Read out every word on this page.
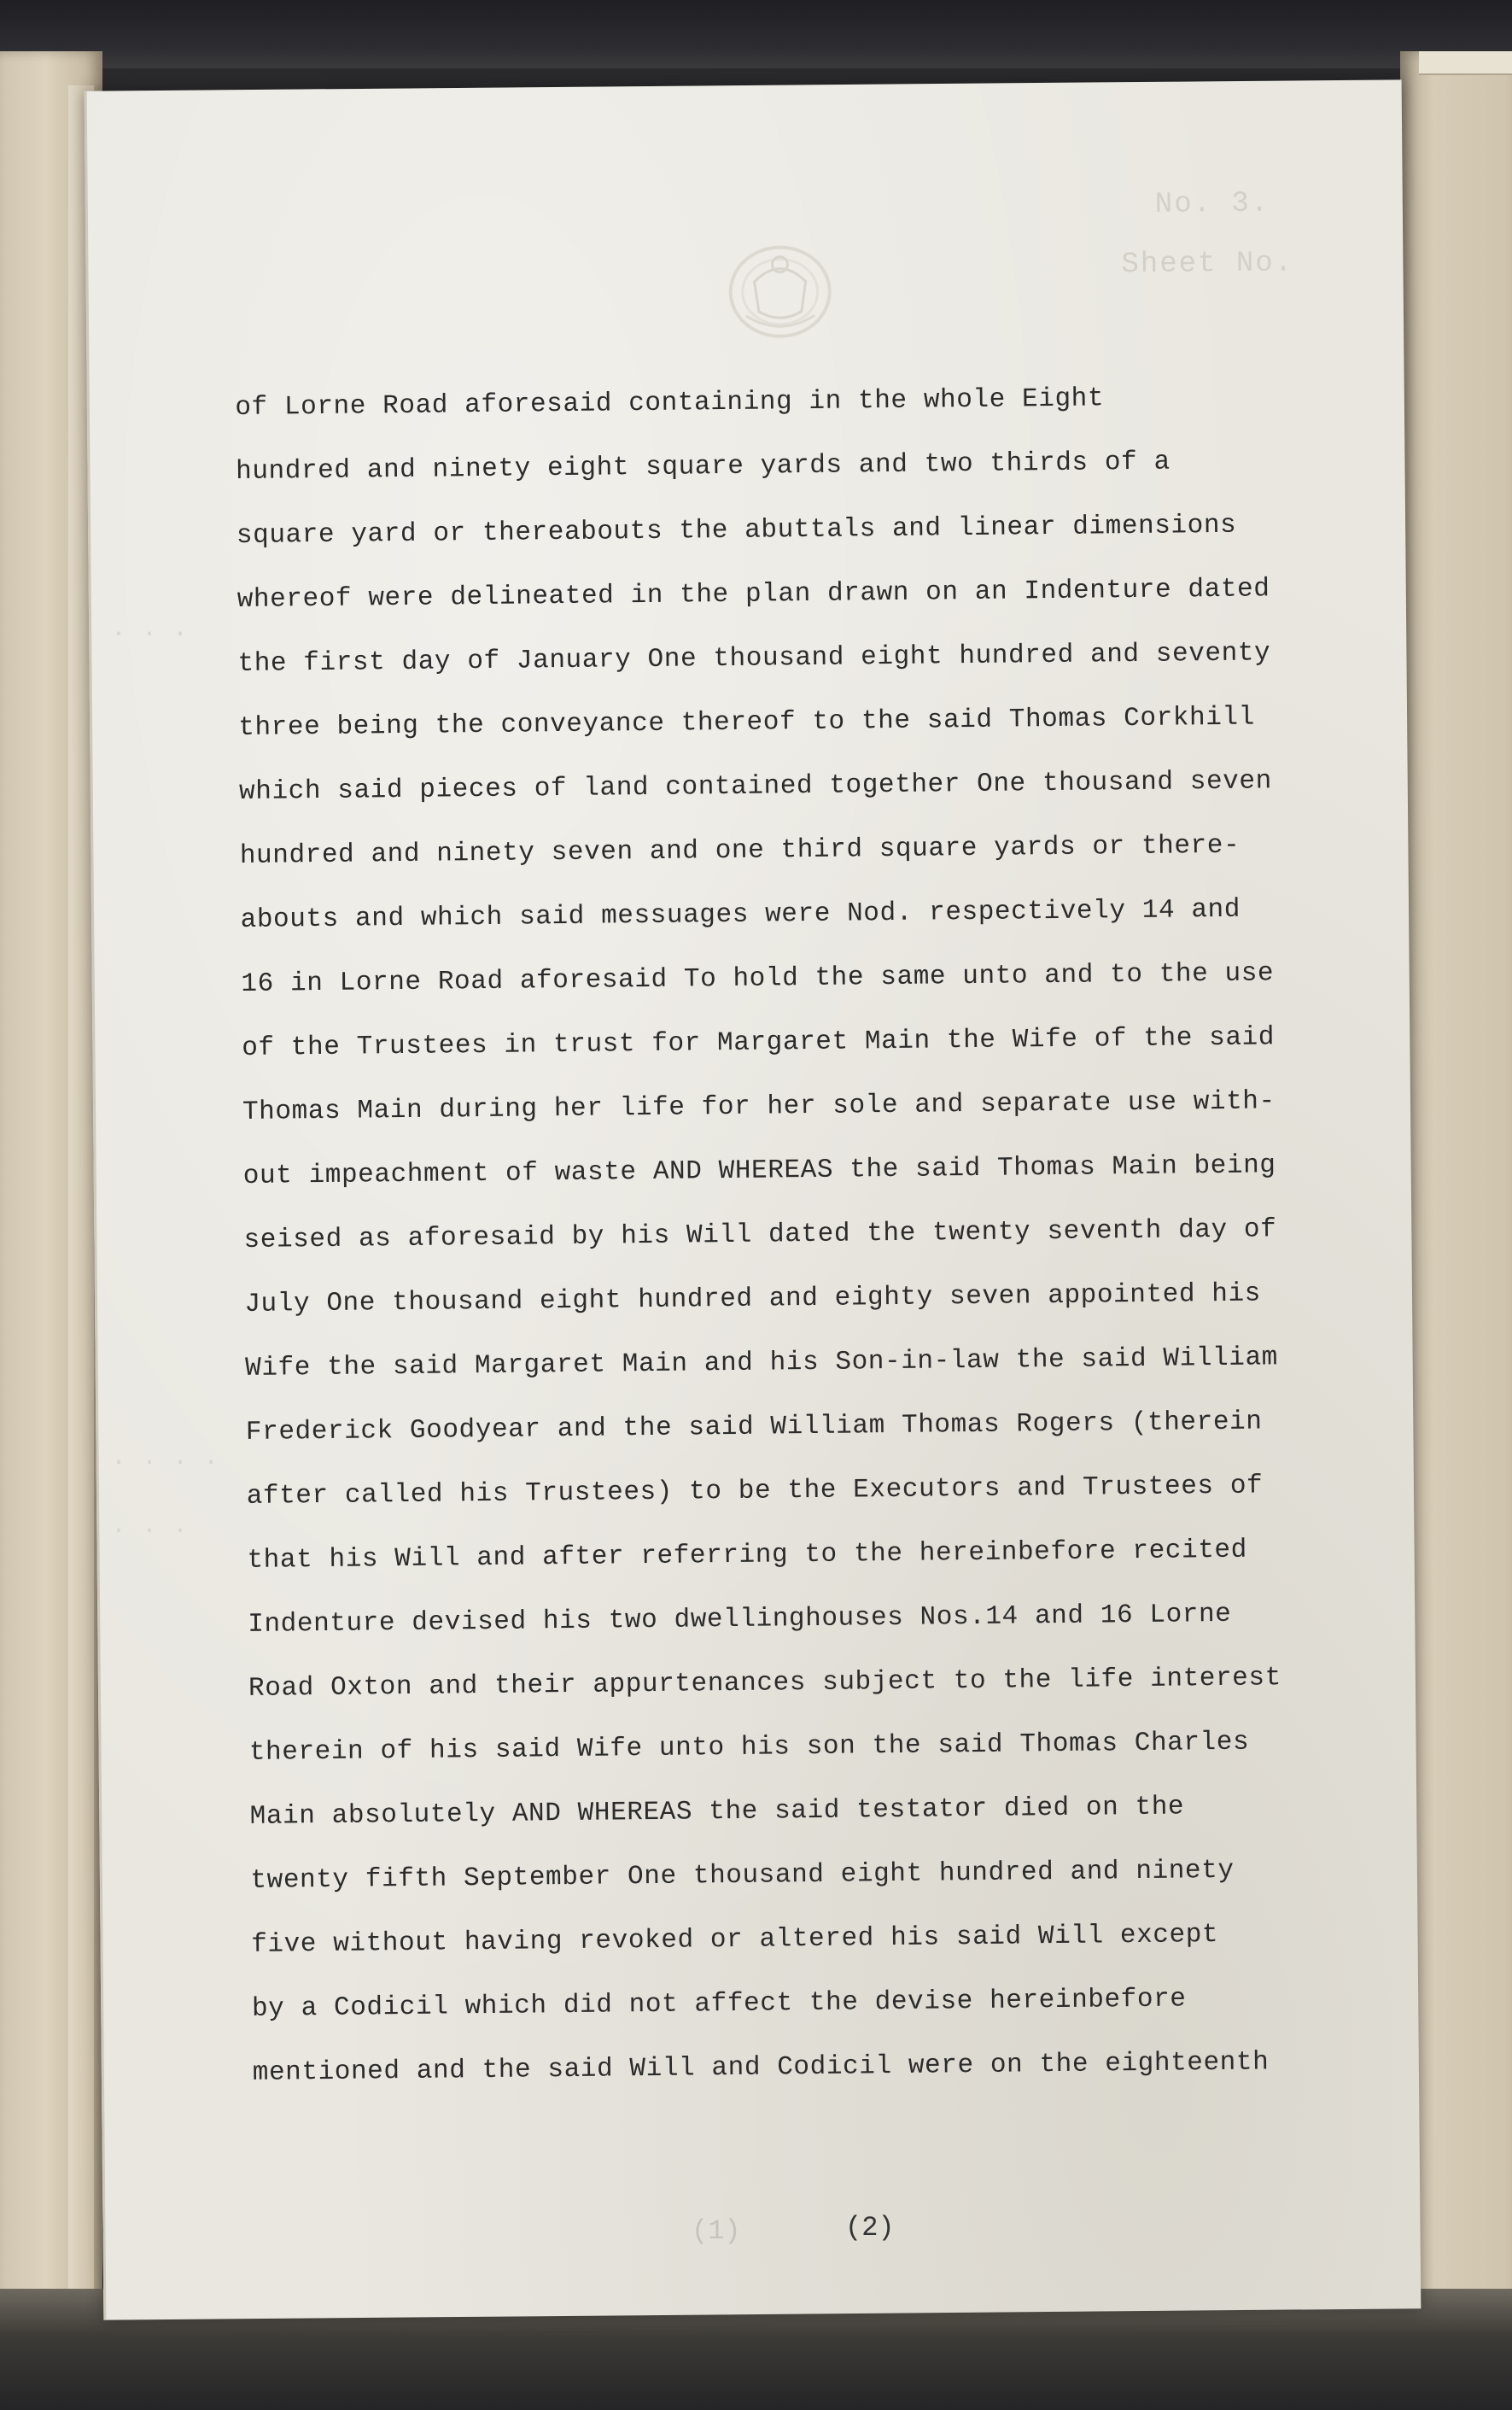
No. 3.
Sheet No.
. . .
. . . .
. . .
of Lorne Road aforesaid containing in the whole Eight
hundred and ninety eight square yards and two thirds of a
square yard or thereabouts the abuttals and linear dimensions
whereof were delineated in the plan drawn on an Indenture dated
the first day of January One thousand eight hundred and seventy
three being the conveyance thereof to the said Thomas Corkhill
which said pieces of land contained together One thousand seven
hundred and ninety seven and one third square yards or there-
abouts and which said messuages were Nod. respectively 14 and
16 in Lorne Road aforesaid To hold the same unto and to the use
of the Trustees in trust for Margaret Main the Wife of the said
Thomas Main during her life for her sole and separate use with-
out impeachment of waste AND WHEREAS the said Thomas Main being
seised as aforesaid by his Will dated the twenty seventh day of
July One thousand eight hundred and eighty seven appointed his
Wife the said Margaret Main and his Son-in-law the said William
Frederick Goodyear and the said William Thomas Rogers (therein
after called his Trustees) to be the Executors and Trustees of
that his Will and after referring to the hereinbefore recited
Indenture devised his two dwellinghouses Nos.14 and 16 Lorne
Road Oxton and their appurtenances subject to the life interest
therein of his said Wife unto his son the said Thomas Charles
Main absolutely AND WHEREAS the said testator died on the
twenty fifth September One thousand eight hundred and ninety
five without having revoked or altered his said Will except
by a Codicil which did not affect the devise hereinbefore
mentioned and the said Will and Codicil were on the eighteenth
(1)	(2)
